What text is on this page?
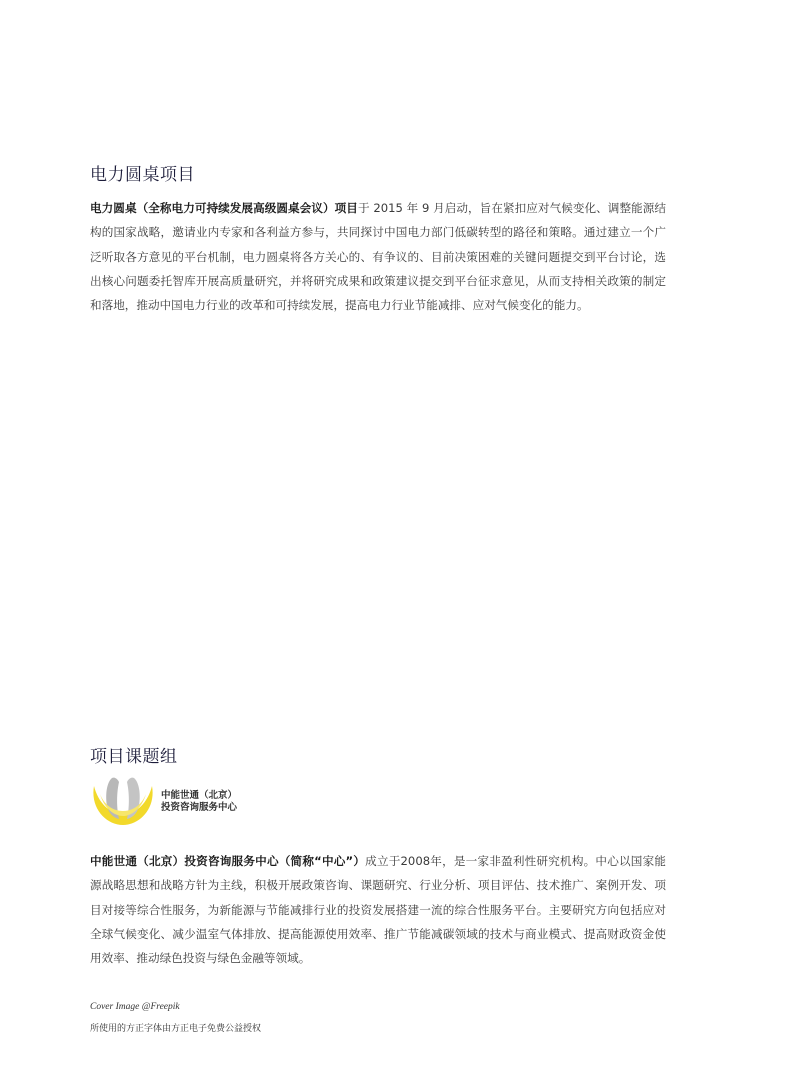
电力圆桌项目

电力圆桌（全称电力可持续发展高级圆桌会议）项目于 2015 年 9 月启动，旨在紧扣应对气候变化、调整能源结构的国家战略，邀请业内专家和各利益方参与，共同探讨中国电力部门低碳转型的路径和策略。通过建立一个广泛听取各方意见的平台机制，电力圆桌将各方关心的、有争议的、目前决策困难的关键问题提交到平台讨论，选出核心问题委托智库开展高质量研究，并将研究成果和政策建议提交到平台征求意见，从而支持相关政策的制定和落地，推动中国电力行业的改革和可持续发展，提高电力行业节能减排、应对气候变化的能力。

项目课题组
中能世通（北京）
投资咨询服务中心

中能世通（北京）投资咨询服务中心（简称“中心”）成立于2008年，是一家非盈利性研究机构。中心以国家能源战略思想和战略方针为主线，积极开展政策咨询、课题研究、行业分析、项目评估、技术推广、案例开发、项目对接等综合性服务，为新能源与节能减排行业的投资发展搭建一流的综合性服务平台。主要研究方向包括应对全球气候变化、减少温室气体排放、提高能源使用效率、推广节能减碳领域的技术与商业模式、提高财政资金使用效率、推动绿色投资与绿色金融等领域。

Cover Image @Freepik
所使用的方正字体由方正电子免费公益授权
